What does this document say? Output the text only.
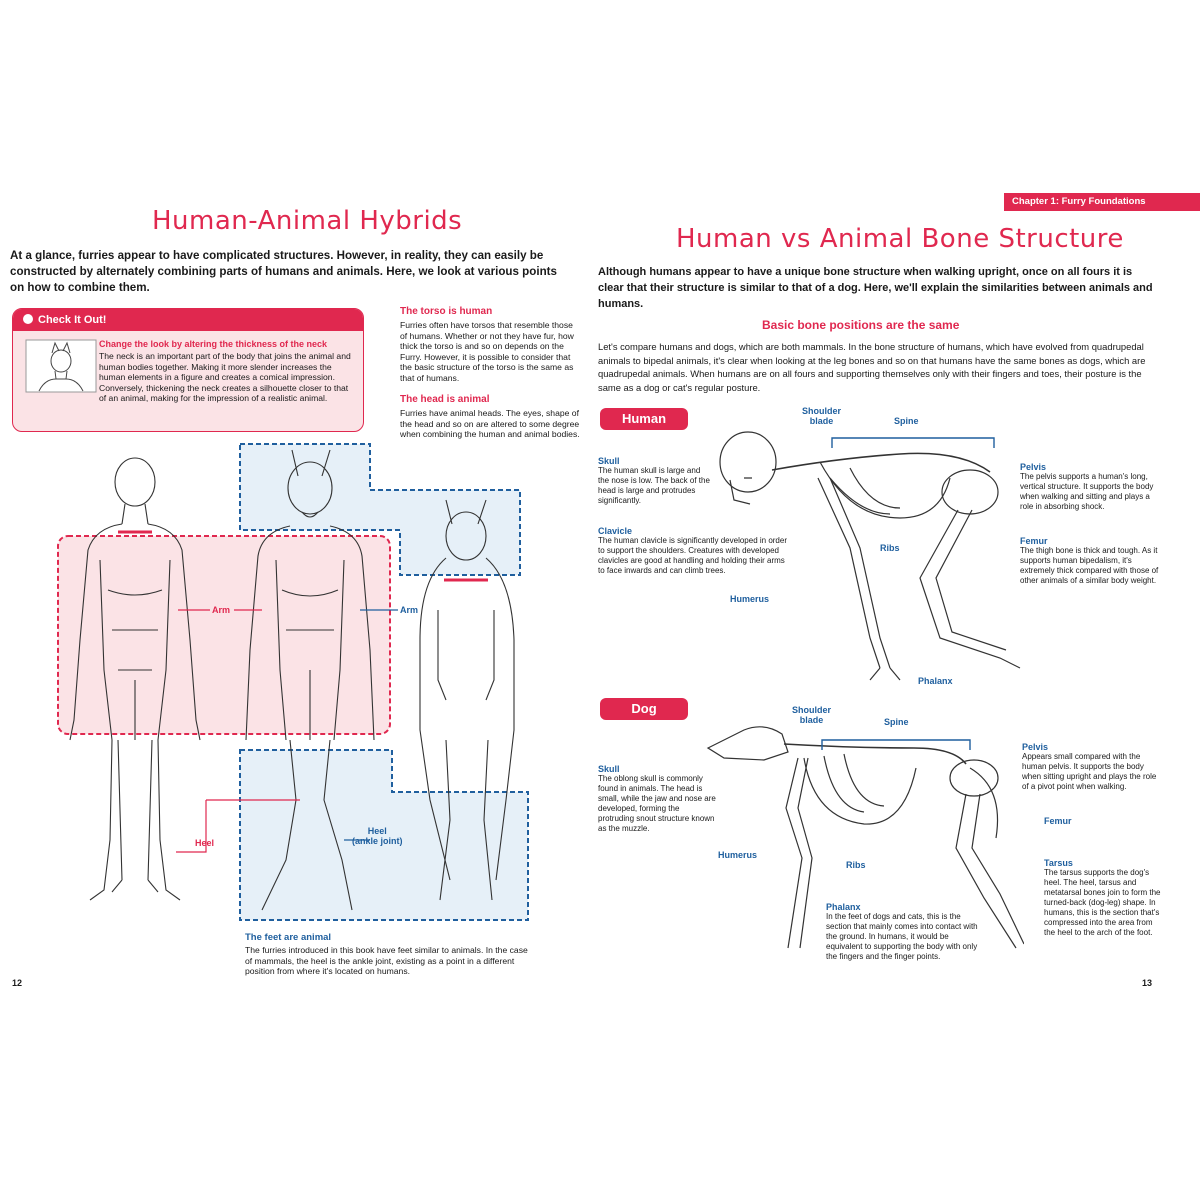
Human-Animal Hybrids
At a glance, furries appear to have complicated structures. However, in reality, they can easily be constructed by alternately combining parts of humans and animals. Here, we look at various points on how to combine them.
Check It Out!
Change the look by altering the thickness of the neck
The neck is an important part of the body that joins the animal and human bodies together. Making it more slender increases the human elements in a figure and creates a comical impression. Conversely, thickening the neck creates a silhouette closer to that of an animal, making for the impression of a realistic animal.
The torso is human
Furries often have torsos that resemble those of humans. Whether or not they have fur, how thick the torso is and so on depends on the Furry. However, it is possible to consider that the basic structure of the torso is the same as that of humans.
The head is animal
Furries have animal heads. The eyes, shape of the head and so on are altered to some degree when combining the human and animal bodies.
Arm	Arm
Heel
Heel
(ankle joint)
The feet are animal
The furries introduced in this book have feet similar to animals. In the case of mammals, the heel is the ankle joint, existing as a point in a different position from where it's located on humans.
12
Chapter 1: Furry Foundations
Human vs Animal Bone Structure
Although humans appear to have a unique bone structure when walking upright, once on all fours it is clear that their structure is similar to that of a dog. Here, we'll explain the similarities between animals and humans.
Basic bone positions are the same
Let's compare humans and dogs, which are both mammals. In the bone structure of humans, which have evolved from quadrupedal animals to bipedal animals, it's clear when looking at the leg bones and so on that humans have the same bones as dogs, which are quadrupedal animals. When humans are on all fours and supporting themselves only with their fingers and toes, their posture is the same as a dog or cat's regular posture.
Human	Shoulder
blade	Spine
Ribs
Humerus
Phalanx
Skull
The human skull is large and the nose is low. The back of the head is large and protrudes significantly.
Clavicle
The human clavicle is significantly developed in order to support the shoulders. Creatures with developed clavicles are good at handling and holding their arms to face inwards and can climb trees.
Pelvis
The pelvis supports a human's long, vertical structure. It supports the body when walking and sitting and plays a role in absorbing shock.
Femur
The thigh bone is thick and tough. As it supports human bipedalism, it's extremely thick compared with those of other animals of a similar body weight.
Dog	Shoulder
blade	Spine
Ribs
Humerus
Femur
Skull
The oblong skull is commonly found in animals. The head is small, while the jaw and nose are developed, forming the protruding snout structure known as the muzzle.
Pelvis
Appears small compared with the human pelvis. It supports the body when sitting upright and plays the role of a pivot point when walking.
Tarsus
The tarsus supports the dog's heel. The heel, tarsus and metatarsal bones join to form the turned-back (dog-leg) shape. In humans, this is the section that's compressed into the area from the heel to the arch of the foot.
Phalanx
In the feet of dogs and cats, this is the section that mainly comes into contact with the ground. In humans, it would be equivalent to supporting the body with only the fingers and the finger points.
13
